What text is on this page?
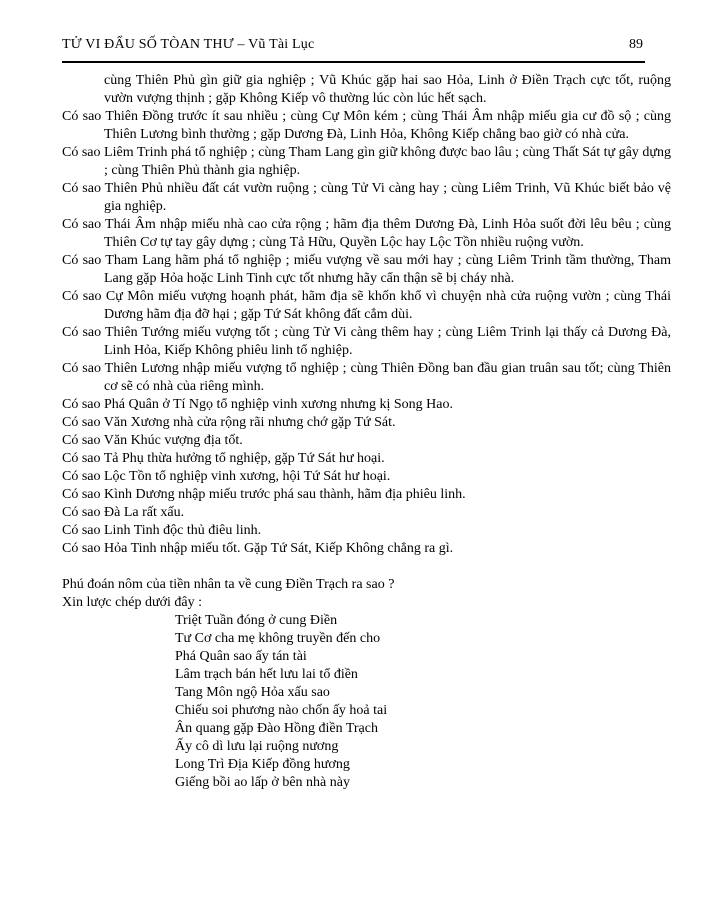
TỬ VI ĐẨU SỐ TÒAN THƯ – Vũ Tài Lục	89

cùng Thiên Phủ gìn giữ gia nghiệp ; Vũ Khúc gặp hai sao Hỏa, Linh ở Điền Trạch cực tốt, ruộng vườn vượng thịnh ; gặp Không Kiếp vô thường lúc còn lúc hết sạch.

Có sao Thiên Đồng trước ít sau nhiều ; cùng Cự Môn kém ; cùng Thái Âm nhập miếu gia cư đồ sộ ; cùng Thiên Lương bình thường ; gặp Dương Đà, Linh Hỏa, Không Kiếp chẳng bao giờ có nhà cửa.

Có sao Liêm Trinh phá tổ nghiệp ; cùng Tham Lang gìn giữ không được bao lâu ; cùng Thất Sát tự gây dựng ; cùng Thiên Phủ thành gia nghiệp.

Có sao Thiên Phủ nhiều đất cát vườn ruộng ; cùng Tử Vi càng hay ; cùng Liêm Trinh, Vũ Khúc biết bảo vệ gia nghiệp.

Có sao Thái Âm nhập miếu nhà cao cửa rộng ; hãm địa thêm Dương Đà, Linh Hỏa suốt đời lêu bêu ; cùng Thiên Cơ tự tay gây dựng ; cùng Tả Hữu, Quyền Lộc hay Lộc Tồn nhiều ruộng vườn.

Có sao Tham Lang hãm phá tổ nghiệp ; miếu vượng về sau mới hay ; cùng Liêm Trinh tầm thường, Tham Lang gặp Hỏa hoặc Linh Tinh cực tốt nhưng hãy cẩn thận sẽ bị cháy nhà.

Có sao Cự Môn miếu vượng hoạnh phát, hãm địa sẽ khốn khổ vì chuyện nhà cửa ruộng vườn ; cùng Thái Dương hãm địa đỡ hại ; gặp Tứ Sát không đất cắm dùi.

Có sao Thiên Tướng miếu vượng tốt ; cùng Tử Vi càng thêm hay ; cùng Liêm Trinh lại thấy cả Dương Đà, Linh Hỏa, Kiếp Không phiêu linh tổ nghiệp.

Có sao Thiên Lương nhập miếu vượng tổ nghiệp ; cùng Thiên Đồng ban đầu gian truân sau tốt; cùng Thiên cơ sẽ có nhà của riêng mình.

Có sao Phá Quân ở Tí Ngọ tổ nghiệp vinh xương nhưng kị Song Hao.

Có sao Văn Xương nhà cửa rộng rãi nhưng chớ gặp Tứ Sát.

Có sao Văn Khúc vượng địa tốt.

Có sao Tả Phụ thừa hưởng tổ nghiệp, gặp Tứ Sát hư hoại.

Có sao Lộc Tồn tổ nghiệp vinh xương, hội Tứ Sát hư hoại.

Có sao Kình Dương nhập miếu trước phá sau thành, hãm địa phiêu linh.

Có sao Đà La rất xấu.

Có sao Linh Tinh độc thủ điêu linh.

Có sao Hỏa Tinh nhập miếu tốt. Gặp Tứ Sát, Kiếp Không chẳng ra gì.

Phú đoán nôm của tiền nhân ta về cung Điền Trạch ra sao ?

Xin lược chép dưới đây :

Triệt Tuần đóng ở cung Điền
Tư Cơ cha mẹ không truyền đến cho
Phá Quân sao ấy tán tài
Lâm trạch bán hết lưu lai tổ điền
Tang Môn ngộ Hỏa xấu sao
Chiếu soi phương nào chốn ấy hoả tai
Ân quang gặp Đào Hồng điền Trạch
Ấy cô dì lưu lại ruộng nương
Long Trì Địa Kiếp đồng hương
Giếng bồi ao lấp ở bên nhà này
